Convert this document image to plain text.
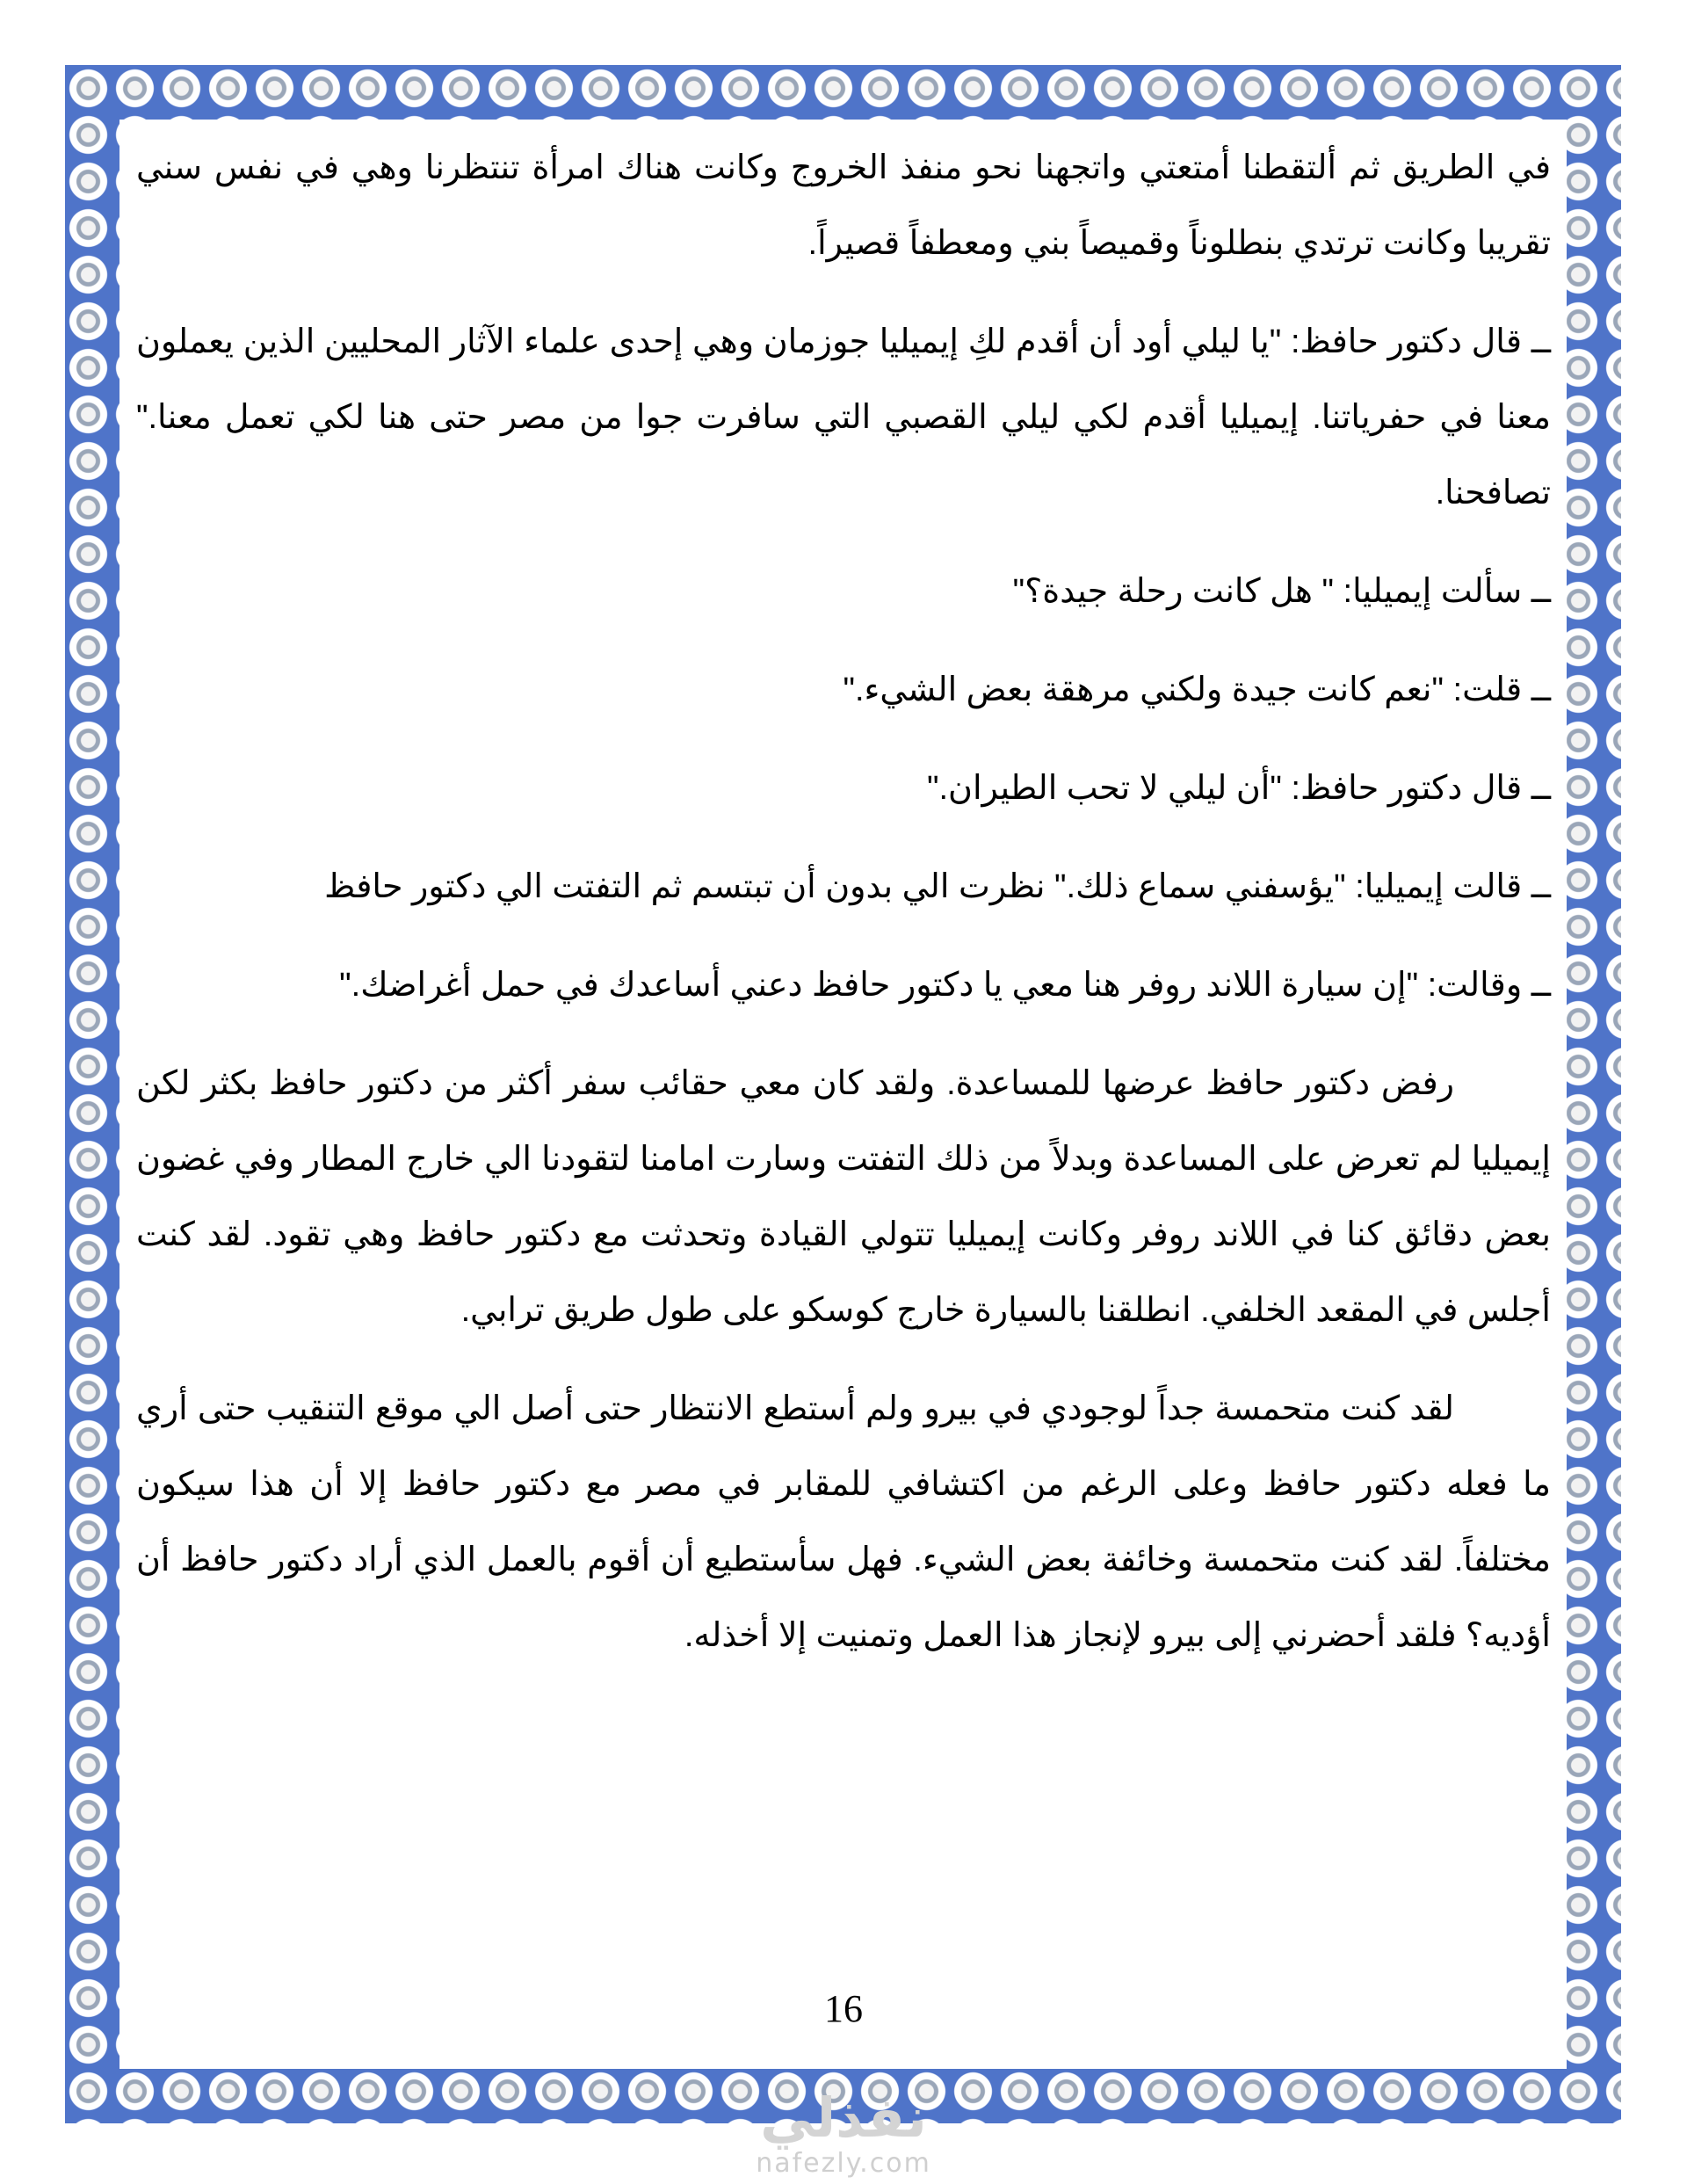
في الطريق ثم ألتقطنا أمتعتي واتجهنا نحو منفذ الخروج وكانت هناك امرأة تنتظرنا وهي في نفس سني تقريبا وكانت ترتدي بنطلوناً وقميصاً بني ومعطفاً قصيراً.

ــ قال دكتور حافظ: "يا ليلي أود أن أقدم لكِ إيميليا جوزمان وهي إحدى علماء الآثار المحليين الذين يعملون معنا في حفرياتنا. إيميليا أقدم لكي ليلي القصبي التي سافرت جوا من مصر حتى هنا لكي تعمل معنا." تصافحنا.

ــ سألت إيميليا: " هل كانت رحلة جيدة؟"

ــ قلت: "نعم كانت جيدة ولكني مرهقة بعض الشيء."

ــ قال دكتور حافظ: "أن ليلي لا تحب الطيران."

ــ قالت إيميليا: "يؤسفني سماع ذلك." نظرت الي بدون أن تبتسم ثم التفتت الي دكتور حافظ

ــ وقالت: "إن سيارة اللاند روفر هنا معي يا دكتور حافظ دعني أساعدك في حمل أغراضك."

رفض دكتور حافظ عرضها للمساعدة. ولقد كان معي حقائب سفر أكثر من دكتور حافظ بكثر لكن إيميليا لم تعرض على المساعدة وبدلاً من ذلك التفتت وسارت امامنا لتقودنا الي خارج المطار وفي غضون بعض دقائق كنا في اللاند روفر وكانت إيميليا تتولي القيادة وتحدثت مع دكتور حافظ وهي تقود. لقد كنت أجلس في المقعد الخلفي. انطلقنا بالسيارة خارج كوسكو على طول طريق ترابي.

لقد كنت متحمسة جداً لوجودي في بيرو ولم أستطع الانتظار حتى أصل الي موقع التنقيب حتى أري ما فعله دكتور حافظ وعلى الرغم من اكتشافي للمقابر في مصر مع دكتور حافظ إلا أن هذا سيكون مختلفاً. لقد كنت متحمسة وخائفة بعض الشيء. فهل سأستطيع أن أقوم بالعمل الذي أراد دكتور حافظ أن أؤديه؟ فلقد أحضرني إلى بيرو لإنجاز هذا العمل وتمنيت إلا أخذله.

16
نفذلي
nafezly.com
